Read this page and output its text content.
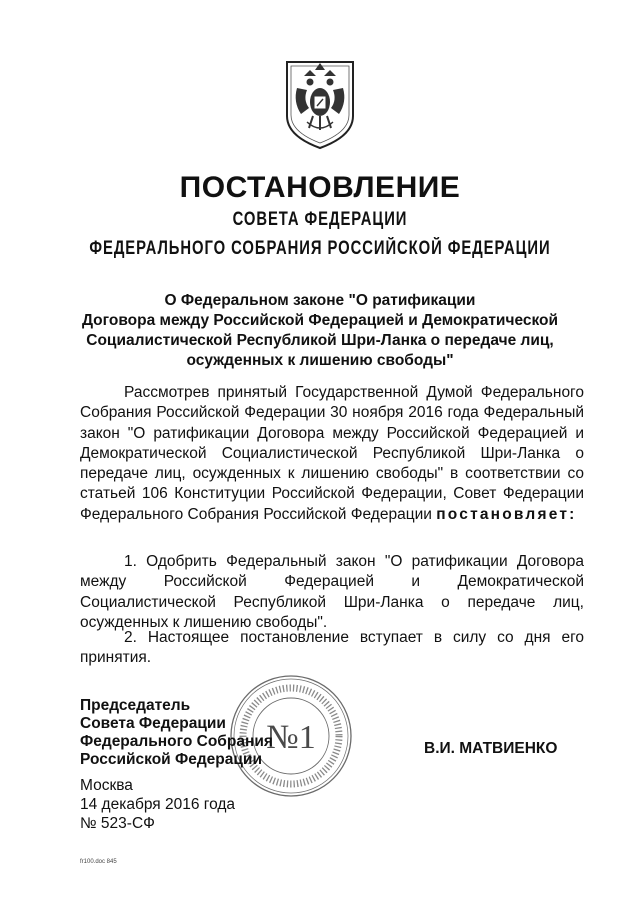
ПОСТАНОВЛЕНИЕ
СОВЕТА ФЕДЕРАЦИИ
ФЕДЕРАЛЬНОГО СОБРАНИЯ РОССИЙСКОЙ ФЕДЕРАЦИИ

О Федеральном законе "О ратификации
Договора между Российской Федерацией и Демократической
Социалистической Республикой Шри-Ланка о передаче лиц,
осужденных к лишению свободы"

Рассмотрев принятый Государственной Думой Федерального Собрания Российской Федерации 30 ноября 2016 года Федеральный закон "О ратификации Договора между Российской Федерацией и Демократической Социалистической Республикой Шри-Ланка о передаче лиц, осужденных к лишению свободы" в соответствии со статьей 106 Конституции Российской Федерации, Совет Федерации Федерального Собрания Российской Федерации постановляет:

1. Одобрить Федеральный закон "О ратификации Договора между Российской Федерацией и Демократической Социалистической Республикой Шри-Ланка о передаче лиц, осужденных к лишению свободы".

2. Настоящее постановление вступает в силу со дня его принятия.

№1

Председатель
Совета Федерации
Федерального Собрания
Российской Федерации

В.И. МАТВИЕНКО

Москва
14 декабря 2016 года
№ 523-СФ

fr100.doc 845
